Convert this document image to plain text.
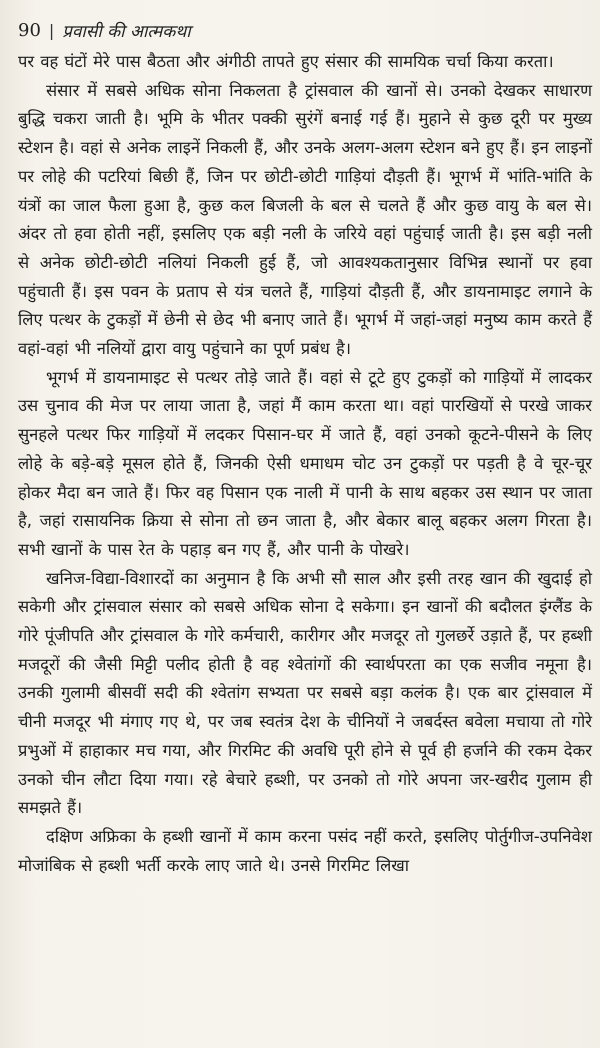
90 | प्रवासी की आत्मकथा

पर वह घंटों मेरे पास बैठता और अंगीठी तापते हुए संसार की सामयिक चर्चा किया करता।

संसार में सबसे अधिक सोना निकलता है ट्रांसवाल की खानों से। उनको देखकर साधारण बुद्धि चकरा जाती है। भूमि के भीतर पक्की सुरंगें बनाई गई हैं। मुहाने से कुछ दूरी पर मुख्य स्टेशन है। वहां से अनेक लाइनें निकली हैं, और उनके अलग-अलग स्टेशन बने हुए हैं। इन लाइनों पर लोहे की पटरियां बिछी हैं, जिन पर छोटी-छोटी गाड़ियां दौड़ती हैं। भूगर्भ में भांति-भांति के यंत्रों का जाल फैला हुआ है, कुछ कल बिजली के बल से चलते हैं और कुछ वायु के बल से। अंदर तो हवा होती नहीं, इसलिए एक बड़ी नली के जरिये वहां पहुंचाई जाती है। इस बड़ी नली से अनेक छोटी-छोटी नलियां निकली हुई हैं, जो आवश्यकतानुसार विभिन्न स्थानों पर हवा पहुंचाती हैं। इस पवन के प्रताप से यंत्र चलते हैं, गाड़ियां दौड़ती हैं, और डायनामाइट लगाने के लिए पत्थर के टुकड़ों में छेनी से छेद भी बनाए जाते हैं। भूगर्भ में जहां-जहां मनुष्य काम करते हैं वहां-वहां भी नलियों द्वारा वायु पहुंचाने का पूर्ण प्रबंध है।

भूगर्भ में डायनामाइट से पत्थर तोड़े जाते हैं। वहां से टूटे हुए टुकड़ों को गाड़ियों में लादकर उस चुनाव की मेज पर लाया जाता है, जहां मैं काम करता था। वहां पारखियों से परखे जाकर सुनहले पत्थर फिर गाड़ियों में लदकर पिसान-घर में जाते हैं, वहां उनको कूटने-पीसने के लिए लोहे के बड़े-बड़े मूसल होते हैं, जिनकी ऐसी धमाधम चोट उन टुकड़ों पर पड़ती है वे चूर-चूर होकर मैदा बन जाते हैं। फिर वह पिसान एक नाली में पानी के साथ बहकर उस स्थान पर जाता है, जहां रासायनिक क्रिया से सोना तो छन जाता है, और बेकार बालू बहकर अलग गिरता है। सभी खानों के पास रेत के पहाड़ बन गए हैं, और पानी के पोखरे।

खनिज-विद्या-विशारदों का अनुमान है कि अभी सौ साल और इसी तरह खान की खुदाई हो सकेगी और ट्रांसवाल संसार को सबसे अधिक सोना दे सकेगा। इन खानों की बदौलत इंग्लैंड के गोरे पूंजीपति और ट्रांसवाल के गोरे कर्मचारी, कारीगर और मजदूर तो गुलछर्रे उड़ाते हैं, पर हब्शी मजदूरों की जैसी मिट्टी पलीद होती है वह श्वेतांगों की स्वार्थपरता का एक सजीव नमूना है। उनकी गुलामी बीसवीं सदी की श्वेतांग सभ्यता पर सबसे बड़ा कलंक है। एक बार ट्रांसवाल में चीनी मजदूर भी मंगाए गए थे, पर जब स्वतंत्र देश के चीनियों ने जबर्दस्त बवेला मचाया तो गोरे प्रभुओं में हाहाकार मच गया, और गिरमिट की अवधि पूरी होने से पूर्व ही हर्जाने की रकम देकर उनको चीन लौटा दिया गया। रहे बेचारे हब्शी, पर उनको तो गोरे अपना जर-खरीद गुलाम ही समझते हैं।

दक्षिण अफ्रिका के हब्शी खानों में काम करना पसंद नहीं करते, इसलिए पोर्तुगीज-उपनिवेश मोजांबिक से हब्शी भर्ती करके लाए जाते थे। उनसे गिरमिट लिखा
